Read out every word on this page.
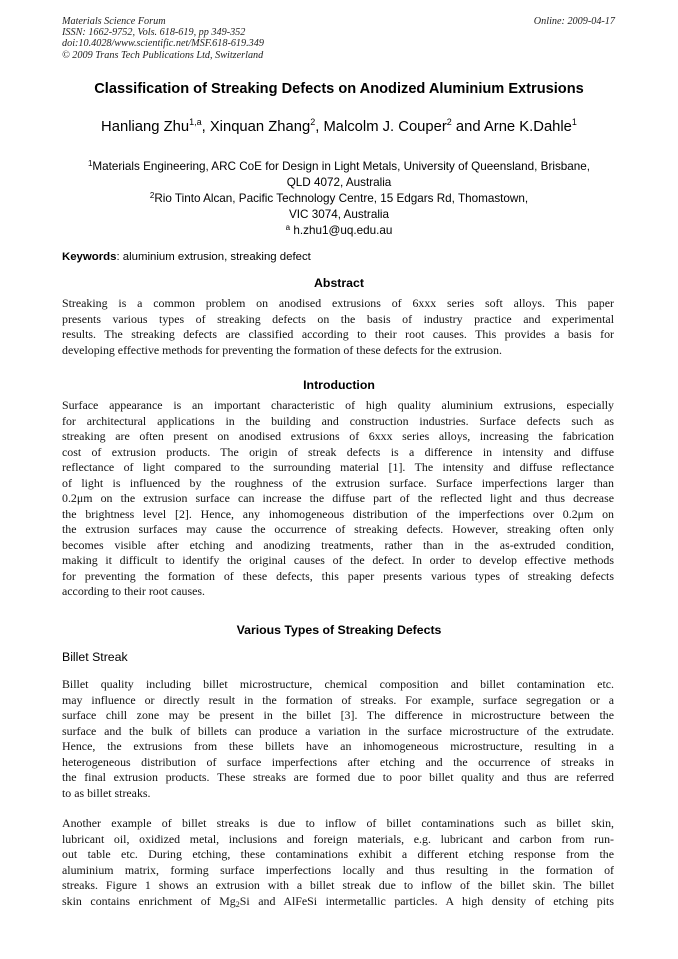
Materials Science Forum
ISSN: 1662-9752, Vols. 618-619, pp 349-352
doi:10.4028/www.scientific.net/MSF.618-619.349
© 2009 Trans Tech Publications Ltd, Switzerland
Online: 2009-04-17
Classification of Streaking Defects on Anodized Aluminium Extrusions
Hanliang Zhu$^{1,a}$, Xinquan Zhang$^2$, Malcolm J. Couper$^2$ and Arne K.Dahle$^1$
$^1$Materials Engineering, ARC CoE for Design in Light Metals, University of Queensland, Brisbane,
QLD 4072, Australia
$^2$Rio Tinto Alcan, Pacific Technology Centre, 15 Edgars Rd, Thomastown,
VIC 3074, Australia
$^a$ h.zhu1@uq.edu.au
Keywords: aluminium extrusion, streaking defect
Abstract
Streaking is a common problem on anodised extrusions of 6xxx series soft alloys. This paper
presents various types of streaking defects on the basis of industry practice and experimental
results. The streaking defects are classified according to their root causes. This provides a basis for
developing effective methods for preventing the formation of these defects for the extrusion.
Introduction
Surface appearance is an important characteristic of high quality aluminium extrusions, especially
for architectural applications in the building and construction industries. Surface defects such as
streaking are often present on anodised extrusions of 6xxx series alloys, increasing the fabrication
cost of extrusion products. The origin of streak defects is a difference in intensity and diffuse
reflectance of light compared to the surrounding material [1]. The intensity and diffuse reflectance
of light is influenced by the roughness of the extrusion surface. Surface imperfections larger than
0.2μm on the extrusion surface can increase the diffuse part of the reflected light and thus decrease
the brightness level [2]. Hence, any inhomogeneous distribution of the imperfections over 0.2μm on
the extrusion surfaces may cause the occurrence of streaking defects. However, streaking often only
becomes visible after etching and anodizing treatments, rather than in the as-extruded condition,
making it difficult to identify the original causes of the defect. In order to develop effective methods
for preventing the formation of these defects, this paper presents various types of streaking defects
according to their root causes.
Various Types of Streaking Defects
Billet Streak
Billet quality including billet microstructure, chemical composition and billet contamination etc.
may influence or directly result in the formation of streaks. For example, surface segregation or a
surface chill zone may be present in the billet [3]. The difference in microstructure between the
surface and the bulk of billets can produce a variation in the surface microstructure of the extrudate.
Hence, the extrusions from these billets have an inhomogeneous microstructure, resulting in a
heterogeneous distribution of surface imperfections after etching and the occurrence of streaks in
the final extrusion products. These streaks are formed due to poor billet quality and thus are referred
to as billet streaks.
Another example of billet streaks is due to inflow of billet contaminations such as billet skin,
lubricant oil, oxidized metal, inclusions and foreign materials, e.g. lubricant and carbon from run-
out table etc. During etching, these contaminations exhibit a different etching response from the
aluminium matrix, forming surface imperfections locally and thus resulting in the formation of
streaks. Figure 1 shows an extrusion with a billet streak due to inflow of the billet skin. The billet
skin contains enrichment of $Mg_2Si$ and AlFeSi intermetallic particles. A high density of etching pits
